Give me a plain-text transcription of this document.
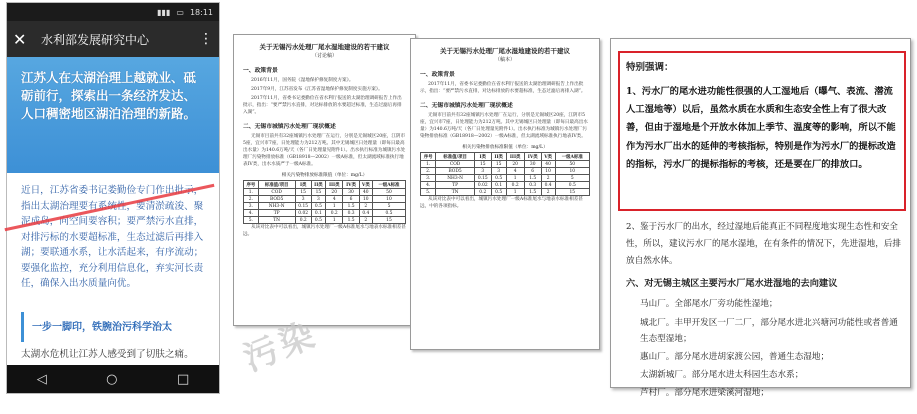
▮▮▮ ▭ 18:11
✕	水利部发展研究中心	⋮
江苏人在太湖治理上越就业、砥砺前行，探索出一条经济发达、人口稠密地区湖泊治理的新路。
近日，江苏省委书记娄勤俭专门作出批示，指出太湖治理要有系统性，要清淤疏浚、聚泥成岛，向空间要容积；要严禁污水直排，对排污标的水要超标准，生态过滤后再排入湖；要联通水系，让水活起来，有序流动；要强化监控，充分利用信息化，弃实河长责任，确保入出水质量向优。
一步一脚印，铁腕治污科学治太
太湖水危机让江苏人感受到了切肤之痛。
◁	○	□
关于无锡污水处理厂尾水湿地建设的若干建议
（讨论稿）
一、政策背景
2016年11月，国务院《湿地保护修复制度方案》。
2017年9月，江苏省发布《江苏省湿地保护修复制度实施方案》。
2017年11月，省委书记娄勤俭在省水利厅报送的太湖治理调研报告上作出批示，指出：“要严禁污水直排，对达标排放的水要超过标准，生态过滤后再排入湖”。
二、无锡市城镇污水处理厂现状概述
无锡市目前共有32座城镇污水处理厂在运行，分别是无锡城区20座，江阴市5座，宜兴市7座，日处理能力为212万吨。其中无锡城区日处理量（即每日最高出水量）为140.6万吨/天（各厂日处理量见附件1）。出水执行标准为城镇污水处理厂污染物排放标准（GB18918—2002）一级A标准，但太湖流域标准执行地表IV类，出水水质严于一级A标准。
相关污染物排放标准限值（单位：mg/L）
序号	标准值/项目	I类	II类	III类	IV类	V类	一级A标准
1.	COD	15	15	20	30	40	50
2.	BOD5	3	3	4	6	10	10
3.	NH3-N	0.15	0.5	1	1.5	2	5
4.	TP	0.02	0.1	0.2	0.3	0.4	0.5
5.	TN	0.2	0.5	1	1.5	2	15
从该对比表中可以看出，城镇污水处理厂一级A标准尾水与地表水标准相差甚远。
关于无锡污水处理厂尾水湿地建设的若干建议
（稿本）
一、政策背景
2017年11月，省委书记娄勤俭在省水利厅报送的太湖治理调研报告上作出批示，指出：“要严禁污水直排，对达标排放的水要超标准，生态过滤后再排入湖”。
二、无锡市城镇污水处理厂现状概述
无锡市目前共有32座城镇污水处理厂在运行，分别是无锡城区20座，江阴市5座，宜兴市7座，日处理能力为212万吨。其中无锡城区日处理量（即每日最高出水量）为140.6万吨/天（各厂日处理量见附件1）。出水执行标准为城镇污水处理厂污染物排放标准（GB18918—2002）一级A标准，但太湖流域标准执行地表IV类。
相关污染物排放标准限值（单位：mg/L）
序号	标准值/项目	I类	II类	III类	IV类	V类	一级A标准
1.	COD	15	15	20	30	40	50
2.	BOD5	3	3	4	6	10	10
3.	NH3-N	0.15	0.5	1	1.5	2	5
4.	TP	0.02	0.1	0.2	0.3	0.4	0.5
5.	TN	0.2	0.5	1	1.5	2	15
从该对比表中可以看出，城镇污水处理厂一级A标准尾水与地表水标准相差甚远，中的各项指标。
特别强调：
1、污水厂的尾水进功能性很强的人工湿地后（曝气、表流、潜流人工湿地等）以后，虽然水质在水质和生态安全性上有了很大改善，但由于湿地是个开放水体加上季节、温度等的影响，所以不能作为污水厂出水的延伸的考核指标，特别是作为污水厂的提标改造的指标，污水厂的提标指标的考核，还是要在厂的排放口。
2、鉴于污水厂的出水，经过湿地后能真正不同程度地实现生态性和安全性，所以，建议污水厂的尾水湿地，在有条件的情况下，先进湿地，后排放自然水体。
六、对无锡主城区主要污水厂尾水进湿地的去向建议
马山厂。全部尾水厂旁功能性湿地；
城北厂。丰甲开发区一厂二厂，部分尾水进北兴塘河功能性或者普通生态型湿地；
惠山厂。部分尾水进胡家渡公园，普通生态湿地；
太湖新城厂。部分尾水进太科园生态水系；
芦村厂。部分尾水进梁溪河湿地；
污染
